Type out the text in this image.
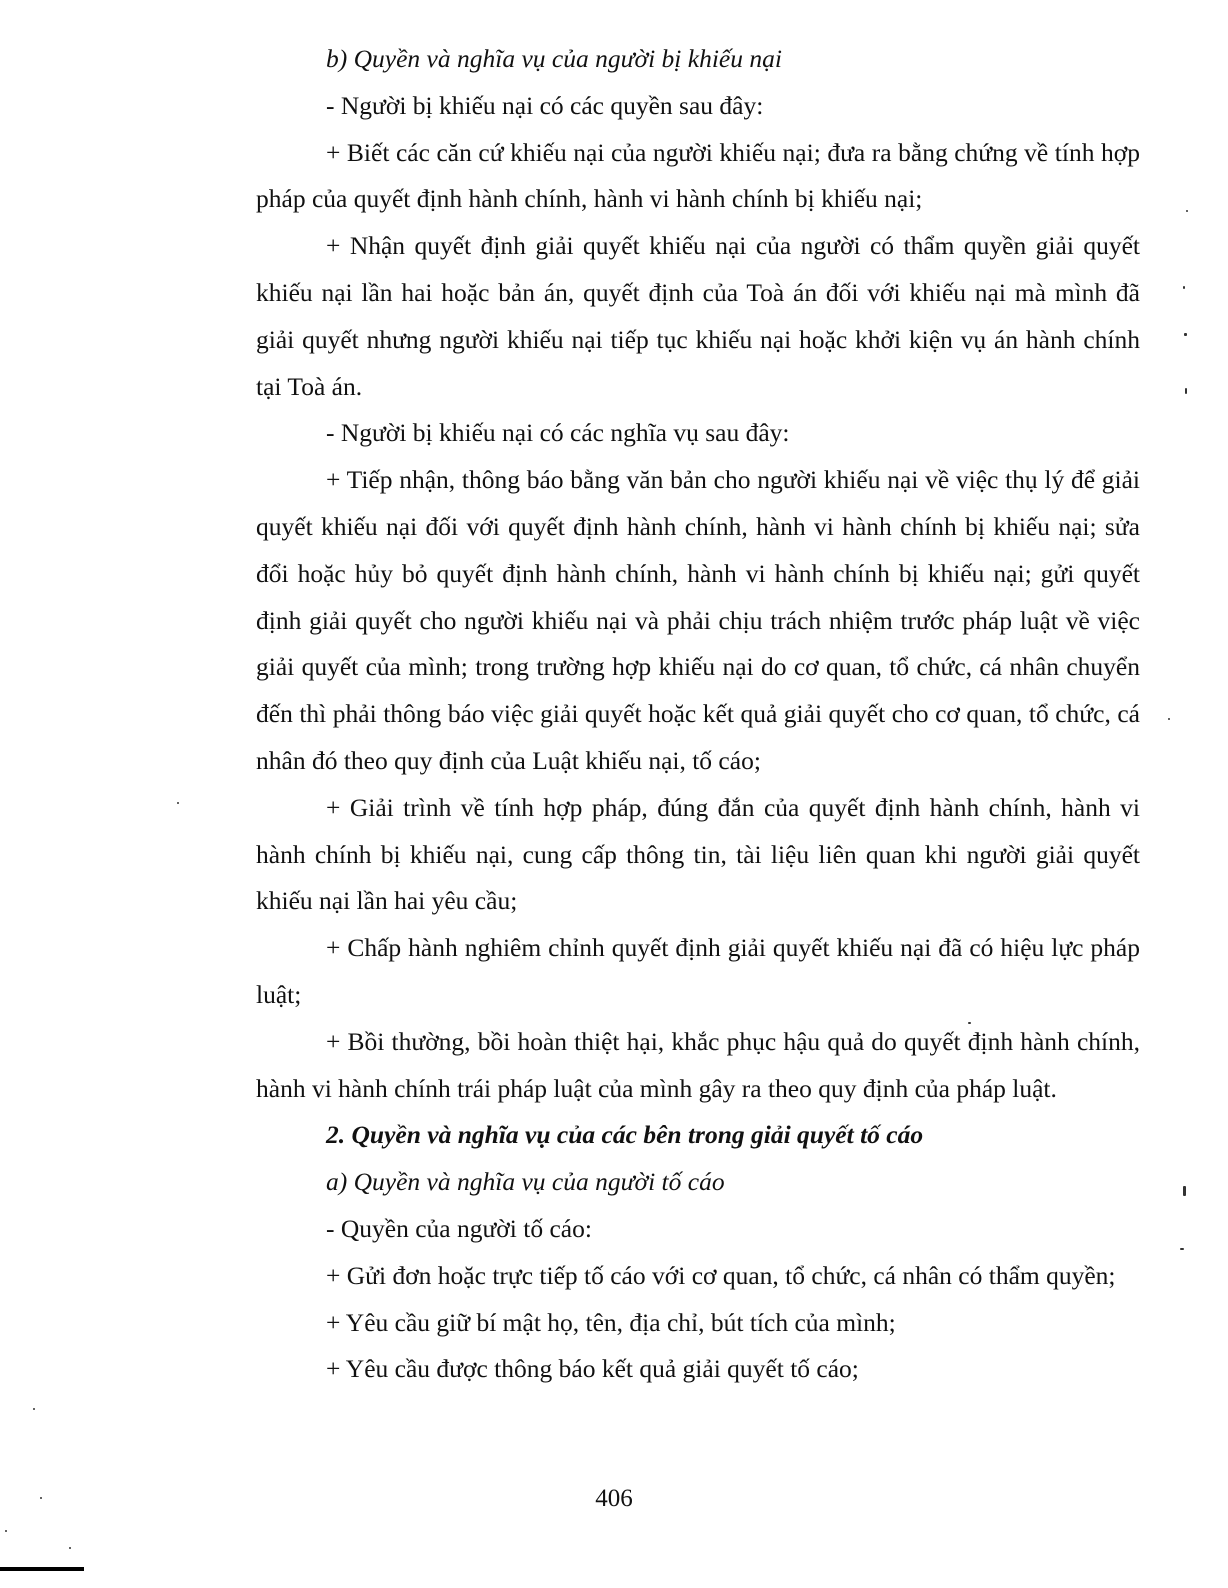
b) Quyền và nghĩa vụ của người bị khiếu nại

- Người bị khiếu nại có các quyền sau đây:

+ Biết các căn cứ khiếu nại của người khiếu nại; đưa ra bằng chứng về tính hợp pháp của quyết định hành chính, hành vi hành chính bị khiếu nại;

+ Nhận quyết định giải quyết khiếu nại của người có thẩm quyền giải quyết khiếu nại lần hai hoặc bản án, quyết định của Toà án đối với khiếu nại mà mình đã giải quyết nhưng người khiếu nại tiếp tục khiếu nại hoặc khởi kiện vụ án hành chính tại Toà án.

- Người bị khiếu nại có các nghĩa vụ sau đây:

+ Tiếp nhận, thông báo bằng văn bản cho người khiếu nại về việc thụ lý để giải quyết khiếu nại đối với quyết định hành chính, hành vi hành chính bị khiếu nại; sửa đổi hoặc hủy bỏ quyết định hành chính, hành vi hành chính bị khiếu nại; gửi quyết định giải quyết cho người khiếu nại và phải chịu trách nhiệm trước pháp luật về việc giải quyết của mình; trong trường hợp khiếu nại do cơ quan, tổ chức, cá nhân chuyển đến thì phải thông báo việc giải quyết hoặc kết quả giải quyết cho cơ quan, tổ chức, cá nhân đó theo quy định của Luật khiếu nại, tố cáo;

+ Giải trình về tính hợp pháp, đúng đắn của quyết định hành chính, hành vi hành chính bị khiếu nại, cung cấp thông tin, tài liệu liên quan khi người giải quyết khiếu nại lần hai yêu cầu;

+ Chấp hành nghiêm chỉnh quyết định giải quyết khiếu nại đã có hiệu lực pháp luật;

+ Bồi thường, bồi hoàn thiệt hại, khắc phục hậu quả do quyết định hành chính, hành vi hành chính trái pháp luật của mình gây ra theo quy định của pháp luật.

2. Quyền và nghĩa vụ của các bên trong giải quyết tố cáo

a) Quyền và nghĩa vụ của người tố cáo

- Quyền của người tố cáo:

+ Gửi đơn hoặc trực tiếp tố cáo với cơ quan, tổ chức, cá nhân có thẩm quyền;

+ Yêu cầu giữ bí mật họ, tên, địa chỉ, bút tích của mình;

+ Yêu cầu được thông báo kết quả giải quyết tố cáo;

406
